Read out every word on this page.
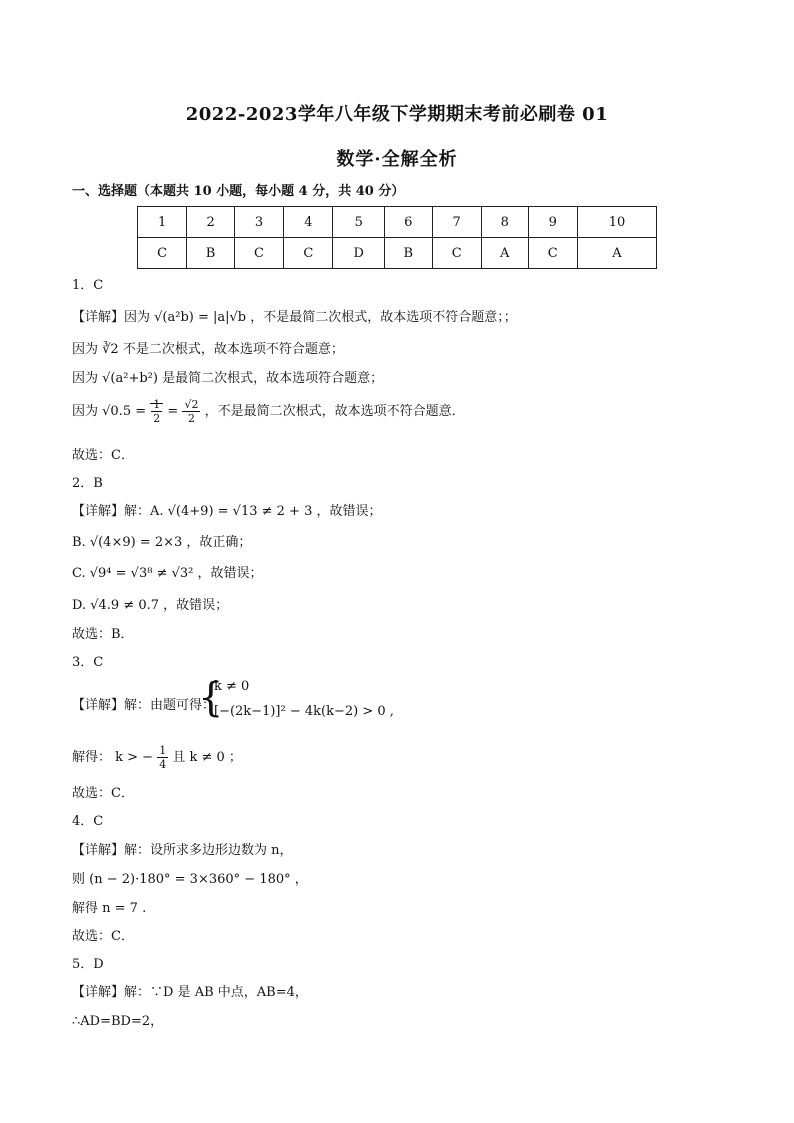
2022-2023学年八年级下学期期末考前必刷卷 01
数学·全解全析
一、选择题（本题共 10 小题，每小题 4 分，共 40 分）
1	2	3	4	5	6	7	8	9	10
C	B	C	C	D	B	C	A	C	A
1．C
【详解】因为 √(a²b) = |a|√b ，不是最简二次根式，故本选项不符合题意；；
因为 ∛2 不是二次根式，故本选项不符合题意；
因为 √(a²+b²) 是最简二次根式，故本选项符合题意；
因为 $√0.5 = \frac{1}{2} = \frac{√2}{2}$ ，不是最简二次根式，故本选项不符合题意．
故选：C．
2．B
【详解】解：A. √(4+9) = √13 ≠ 2 + 3 ，故错误；
B. √(4×9) = 2×3 ，故正确；
C. √9⁴ = √3⁸ ≠ √3² ，故错误；
D. √4.9 ≠ 0.7 ，故错误；
故选：B．
3．C
【详解】解：由题可得：
{
k ≠ 0
[−(2k−1)]² − 4k(k−2) > 0 ,
解得： k > − $\frac{1}{4}$ 且 k ≠ 0 ；
故选：C．
4．C
【详解】解：设所求多边形边数为 n，
则 (n − 2)·180° = 3×360° − 180° ，
解得 n = 7 .
故选：C．
5．D
【详解】解：∵D 是 AB 中点，AB=4，
∴AD=BD=2，
